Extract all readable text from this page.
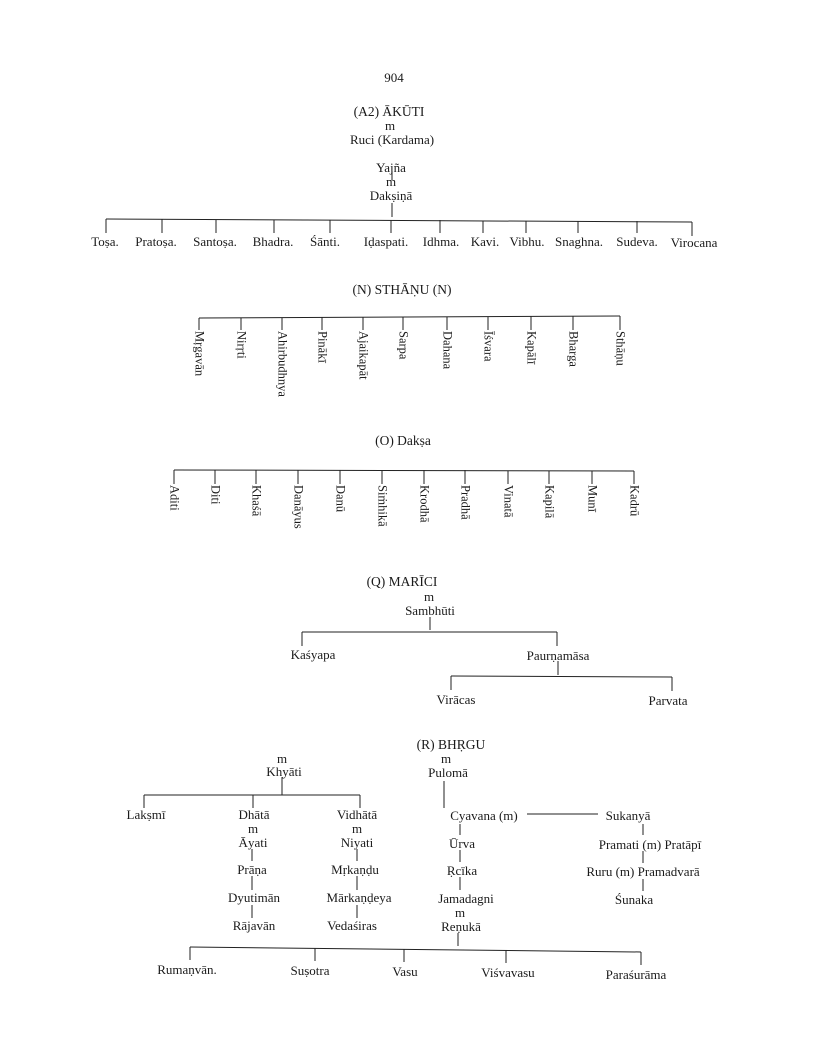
904
(A2) ĀKŪTI
m
Ruci (Kardama)
Yajña
m
Dakṣiṇā
Toṣa. Pratoṣa. Santoṣa. Bhadra. Śānti. Iḍaspati. Idhma. Kavi. Vibhu. Snaghna. Sudeva. Virocana
(N) STHĀṆU (N)
Mṛgavān Nirṛti Ahirbudhnya Pinākī Ajaikapāt Sarpa Dahana Īśvara Kapālī Bharga	Sthāṇu
(O) Dakṣa
Aditi Diti Khaśā Danāyus Danū Siṁhikā Krodhā Pradhā Vinatā Kapilā Munī Kadrū
(Q) MARĪCI
m
Sambhūti
Kaśyapa	Paurṇamāsa
Virācas	Parvata
(R) BHṚGU
m
Khyāti
m
Pulomā
Lakṣmī	Dhātā
m
Āyati
Prāṇa
Dyutimān
Rājavān
Vidhātā
m
Niyati
Mṛkaṇḍu
Mārkaṇḍeya
Vedaśiras
Cyavana (m)	Sukanyā
Ūrva
Ṛcīka
Jamadagni
m
Reṇukā
Pramati (m) Pratāpī
Ruru (m) Pramadvarā
Śunaka
Rumaṇvān.	Suṣotra	Vasu	Viśvavasu	Paraśurāma
